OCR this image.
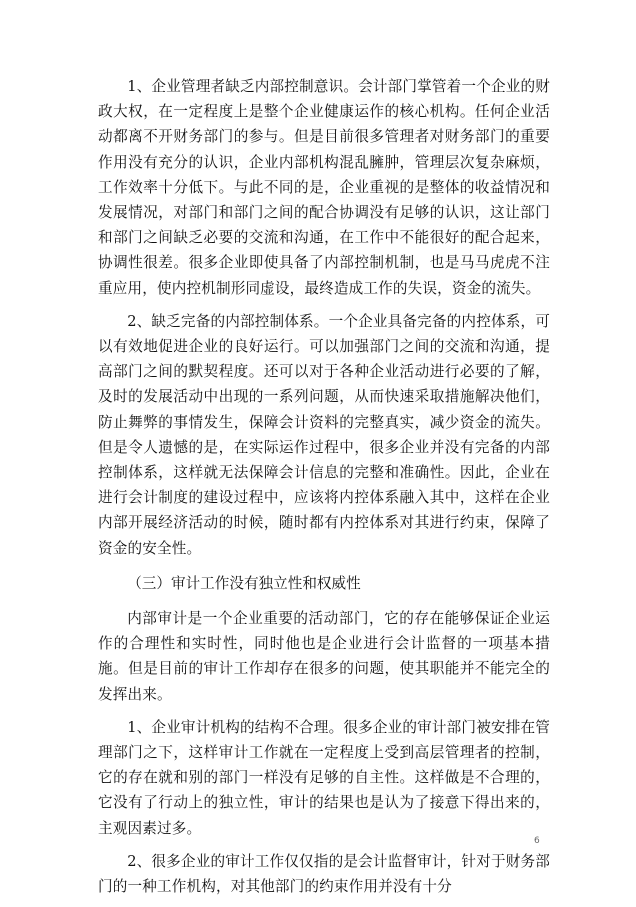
1、企业管理者缺乏内部控制意识。会计部门掌管着一个企业的财政大权，在一定程度上是整个企业健康运作的核心机构。任何企业活动都离不开财务部门的参与。但是目前很多管理者对财务部门的重要作用没有充分的认识，企业内部机构混乱臃肿，管理层次复杂麻烦，工作效率十分低下。与此不同的是，企业重视的是整体的收益情况和发展情况，对部门和部门之间的配合协调没有足够的认识，这让部门和部门之间缺乏必要的交流和沟通，在工作中不能很好的配合起来，协调性很差。很多企业即使具备了内部控制机制，也是马马虎虎不注重应用，使内控机制形同虚设，最终造成工作的失误，资金的流失。

2、缺乏完备的内部控制体系。一个企业具备完备的内控体系，可以有效地促进企业的良好运行。可以加强部门之间的交流和沟通，提高部门之间的默契程度。还可以对于各种企业活动进行必要的了解，及时的发展活动中出现的一系列问题，从而快速采取措施解决他们，防止舞弊的事情发生，保障会计资料的完整真实，减少资金的流失。但是令人遗憾的是，在实际运作过程中，很多企业并没有完备的内部控制体系，这样就无法保障会计信息的完整和准确性。因此，企业在进行会计制度的建设过程中，应该将内控体系融入其中，这样在企业内部开展经济活动的时候，随时都有内控体系对其进行约束，保障了资金的安全性。

（三）审计工作没有独立性和权威性

内部审计是一个企业重要的活动部门，它的存在能够保证企业运作的合理性和实时性，同时他也是企业进行会计监督的一项基本措施。但是目前的审计工作却存在很多的问题，使其职能并不能完全的发挥出来。

1、企业审计机构的结构不合理。很多企业的审计部门被安排在管理部门之下，这样审计工作就在一定程度上受到高层管理者的控制，它的存在就和别的部门一样没有足够的自主性。这样做是不合理的，它没有了行动上的独立性，审计的结果也是认为了接意下得出来的，主观因素过多。

2、很多企业的审计工作仅仅指的是会计监督审计，针对于财务部门的一种工作机构，对其他部门的约束作用并没有十分

6
